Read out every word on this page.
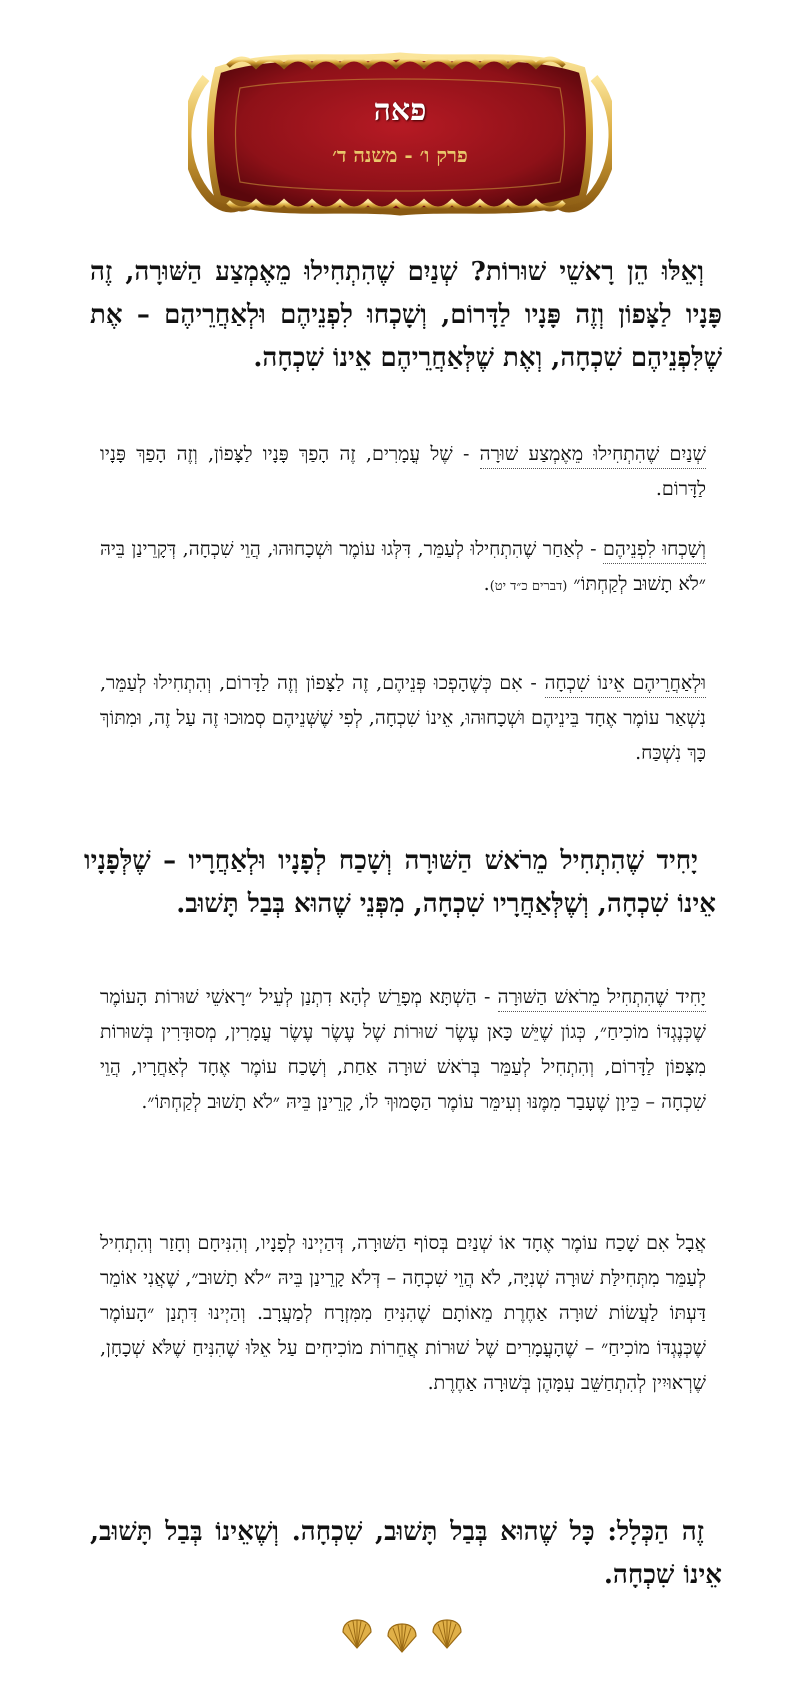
פאה
פרק ו׳ - משנה ד׳
וְאֵלּוּ הֵן רָאשֵׁי שׁוּרוֹת? שְׁנַיִם שֶׁהִתְחִילוּ מֵאֶמְצַע הַשּׁוּרָה, זֶה פָּנָיו לַצָּפוֹן וְזֶה פָּנָיו לַדָּרוֹם, וְשָׁכְחוּ לִפְנֵיהֶם וּלְאַחֲרֵיהֶם – אֶת שֶׁלִּפְנֵיהֶם שִׁכְחָה, וְאֶת שֶׁלְּאַחֲרֵיהֶם אֵינוֹ שִׁכְחָה.
שְׁנַיִם שֶׁהִתְחִילוּ מֵאֶמְצַע שׁוּרָה - שֶׁל עֳמָרִים, זֶה הָפַךְ פָּנָיו לַצָּפוֹן, וְזֶה הָפַךְ פָּנָיו לַדָּרוֹם.
וְשָׁכְחוּ לִפְנֵיהֶם - לְאַחַר שֶׁהִתְחִילוּ לְעַמֵּר, דִּלְּגוּ עוֹמֶר וּשְׁכָחוּהוּ, הֲוֵי שִׁכְחָה, דְּקָרֵינַן בֵּיהּ ״לֹא תָשׁוּב לְקַחְתּוֹ״ (דברים כ״ד יט).
וּלְאַחֲרֵיהֶם אֵינוֹ שִׁכְחָה - אִם כְּשֶׁהָפְכוּ פְּנֵיהֶם, זֶה לַצָּפוֹן וְזֶה לַדָּרוֹם, וְהִתְחִילוּ לְעַמֵּר, נִשְׁאַר עוֹמֶר אֶחָד בֵּינֵיהֶם וּשְׁכָחוּהוּ, אֵינוֹ שִׁכְחָה, לְפִי שֶׁשְּׁנֵיהֶם סְמוּכוּ זֶה עַל זֶה, וּמִתּוֹךְ כָּךְ נִשְׁכַּח.
יָחִיד שֶׁהִתְחִיל מֵרֹאשׁ הַשּׁוּרָה וְשָׁכַח לְפָנָיו וּלְאַחֲרָיו – שֶׁלְּפָנָיו אֵינוֹ שִׁכְחָה, וְשֶׁלְּאַחֲרָיו שִׁכְחָה, מִפְּנֵי שֶׁהוּא בְּבַל תָּשׁוּב.
יָחִיד שֶׁהִתְחִיל מֵרֹאשׁ הַשּׁוּרָה - הַשְׁתָּא מְפָרֵשׁ לְהָא דִתְנַן לְעֵיל ״רָאשֵׁי שׁוּרוֹת הָעוֹמֶר שֶׁכְּנֶגְדּוֹ מוֹכִיחַ״, כְּגוֹן שֶׁיֵּשׁ כָּאן עֶשֶׂר שׁוּרוֹת שֶׁל עֶשֶׂר עֶשֶׂר עֳמָרִין, מְסוּדָּרִין בְּשׁוּרוֹת מִצָּפוֹן לַדָּרוֹם, וְהִתְחִיל לְעַמֵּר בְּרֹאשׁ שׁוּרָה אַחַת, וְשָׁכַח עוֹמֶר אֶחָד לְאַחֲרָיו, הֲוֵי שִׁכְחָה – כֵּיוָן שֶׁעָבַר מִמֶּנּוּ וְעִימֵּר עוֹמֶר הַסָּמוּךְ לוֹ, קָרֵינַן בֵּיהּ ״לֹא תָשׁוּב לְקַחְתּוֹ״.
אֲבָל אִם שָׁכַח עוֹמֶר אֶחָד אוֹ שְׁנַיִם בְּסוֹף הַשּׁוּרָה, דְּהַיְינוּ לְפָנָיו, וְהִנִּיחָם וְחָזַר וְהִתְחִיל לְעַמֵּר מִתְּחִילַּת שׁוּרָה שְׁנִיָּה, לֹא הֲוֵי שִׁכְחָה – דְּלֹא קָרֵינַן בֵּיהּ ״לֹא תָשׁוּב״, שֶׁאֲנִי אוֹמֵר דַּעְתּוֹ לַעֲשׂוֹת שׁוּרָה אַחֶרֶת מֵאוֹתָם שֶׁהִנִּיחַ מִמִּזְרָח לְמַעֲרָב. וְהַיְינוּ דִּתְנַן ״הָעוֹמֶר שֶׁכְּנֶגְדּוֹ מוֹכִיחַ״ – שֶׁהָעֳמָרִים שֶׁל שׁוּרוֹת אֲחֵרוֹת מוֹכִיחִים עַל אֵלּוּ שֶׁהִנִּיחַ שֶׁלֹּא שְׁכָחָן, שֶׁרְאוּיִין לְהִתְחַשֵּׁב עִמָּהֶן בְּשׁוּרָה אַחֶרֶת.
זֶה הַכְּלָל: כָּל שֶׁהוּא בְּבַל תָּשׁוּב, שִׁכְחָה. וְשֶׁאֵינוֹ בְּבַל תָּשׁוּב, אֵינוֹ שִׁכְחָה.
